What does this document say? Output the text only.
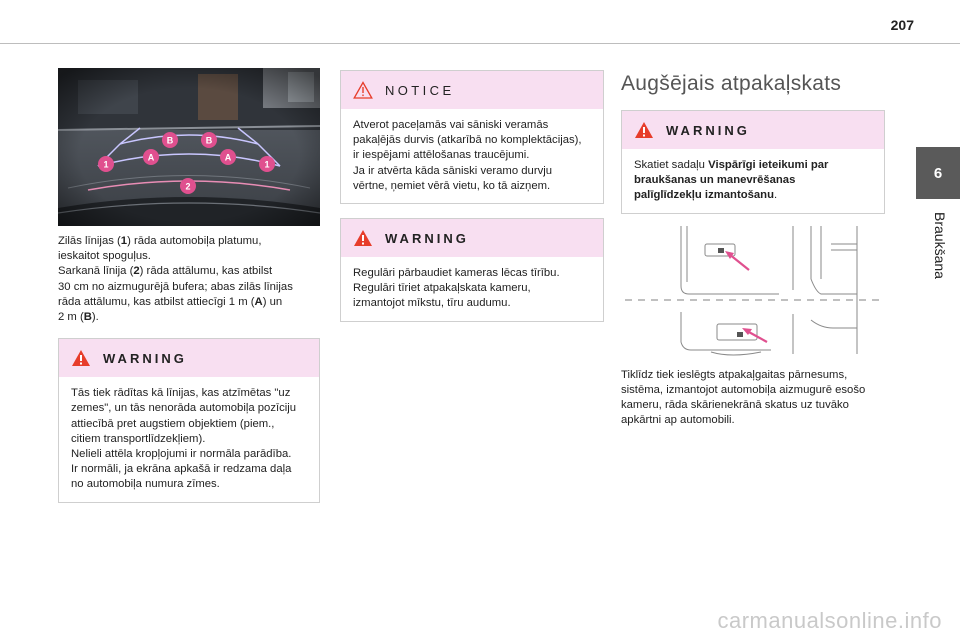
207
6
Braukšana
1
A
B	B
A
1
2

Zilās līnijas (1) rāda automobiļa platumu,
ieskaitot spoguļus.
Sarkanā līnija (2) rāda attālumu, kas atbilst
30 cm no aizmugurējā bufera; abas zilās līnijas
rāda attālumu, kas atbilst attiecīgi 1 m (A) un
2 m (B).

WARNING
Tās tiek rādītas kā līnijas, kas atzīmētas "uz
zemes", un tās nenorāda automobiļa pozīciju
attiecībā pret augstiem objektiem (piem.,
citiem transportlīdzekļiem).
Nelieli attēla kropļojumi ir normāla parādība.
Ir normāli, ja ekrāna apkašā ir redzama daļa
no automobiļa numura zīmes.
NOTICE
Atverot paceļamās vai sāniski veramās
pakaļējās durvis (atkarībā no komplektācijas),
ir iespējami attēlošanas traucējumi.
Ja ir atvērta kāda sāniski veramo durvju
vērtne, ņemiet vērā vietu, ko tā aizņem.
WARNING
Regulāri pārbaudiet kameras lēcas tīrību.
Regulāri tīriet atpakaļskata kameru,
izmantojot mīkstu, tīru audumu.
Augšējais atpakaļskats
WARNING
Skatiet sadaļu Vispārīgi ieteikumi par
braukšanas un manevrēšanas
palīglīdzekļu izmantošanu.

Tiklīdz tiek ieslēgts atpakaļgaitas pārnesums,
sistēma, izmantojot automobiļa aizmugurē esošo
kameru, rāda skārienekrānā skatus uz tuvāko
apkārtni ap automobili.

carmanualsonline.info
